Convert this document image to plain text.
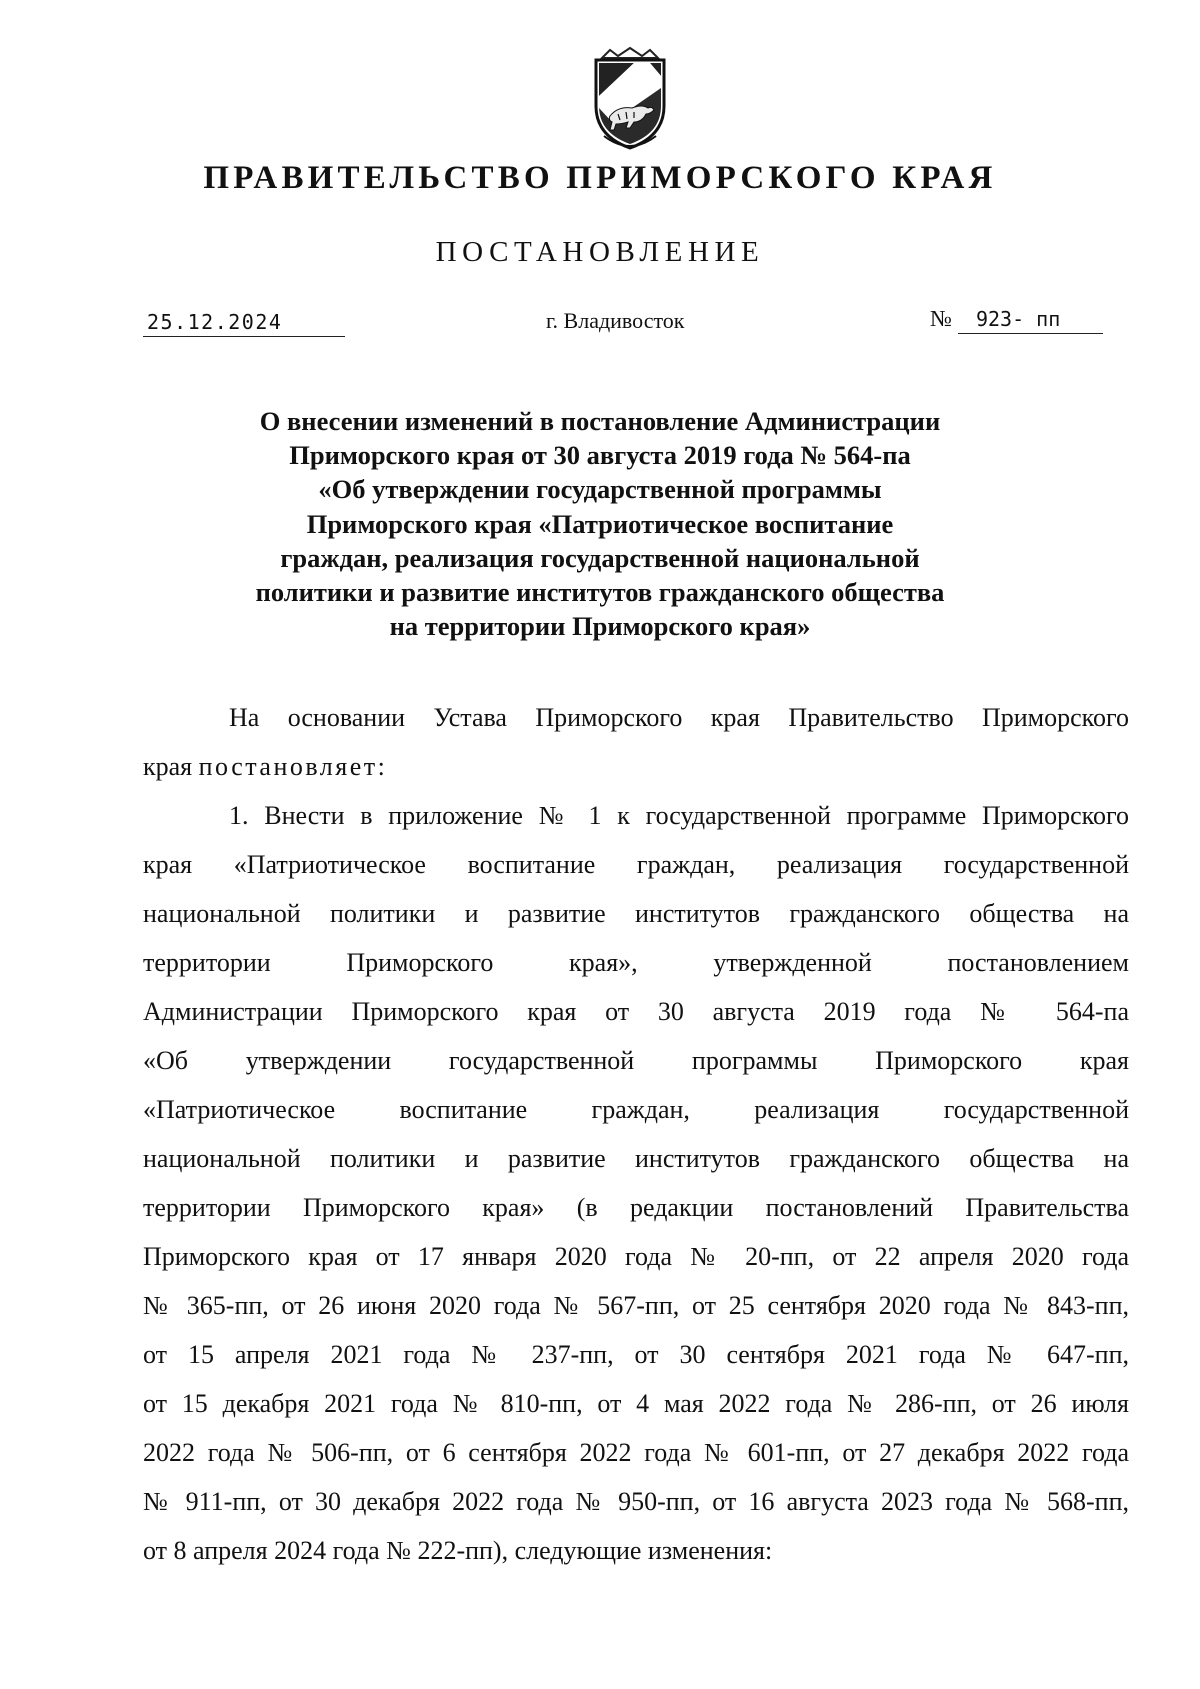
ПРАВИТЕЛЬСТВО ПРИМОРСКОГО КРАЯ
ПОСТАНОВЛЕНИЕ
25.12.2024	г. Владивосток	№ 923- пп
О внесении изменений в постановление Администрации
Приморского края от 30 августа 2019 года № 564-па
«Об утверждении государственной программы
Приморского края «Патриотическое воспитание
граждан, реализация государственной национальной
политики и развитие институтов гражданского общества
на территории Приморского края»
На основании Устава Приморского края Правительство Приморского
края постановляет:
1. Внести в приложение № 1 к государственной программе Приморского
края «Патриотическое воспитание граждан, реализация государственной
национальной политики и развитие институтов гражданского общества на
территории Приморского края», утвержденной постановлением
Администрации Приморского края от 30 августа 2019 года № 564-па
«Об утверждении государственной программы Приморского края
«Патриотическое воспитание граждан, реализация государственной
национальной политики и развитие институтов гражданского общества на
территории Приморского края» (в редакции постановлений Правительства
Приморского края от 17 января 2020 года № 20-пп, от 22 апреля 2020 года
№ 365-пп, от 26 июня 2020 года № 567-пп, от 25 сентября 2020 года № 843-пп,
от 15 апреля 2021 года № 237-пп, от 30 сентября 2021 года № 647-пп,
от 15 декабря 2021 года № 810-пп, от 4 мая 2022 года № 286-пп, от 26 июля
2022 года № 506-пп, от 6 сентября 2022 года № 601-пп, от 27 декабря 2022 года
№ 911-пп, от 30 декабря 2022 года № 950-пп, от 16 августа 2023 года № 568-пп,
от 8 апреля 2024 года № 222-пп), следующие изменения:
